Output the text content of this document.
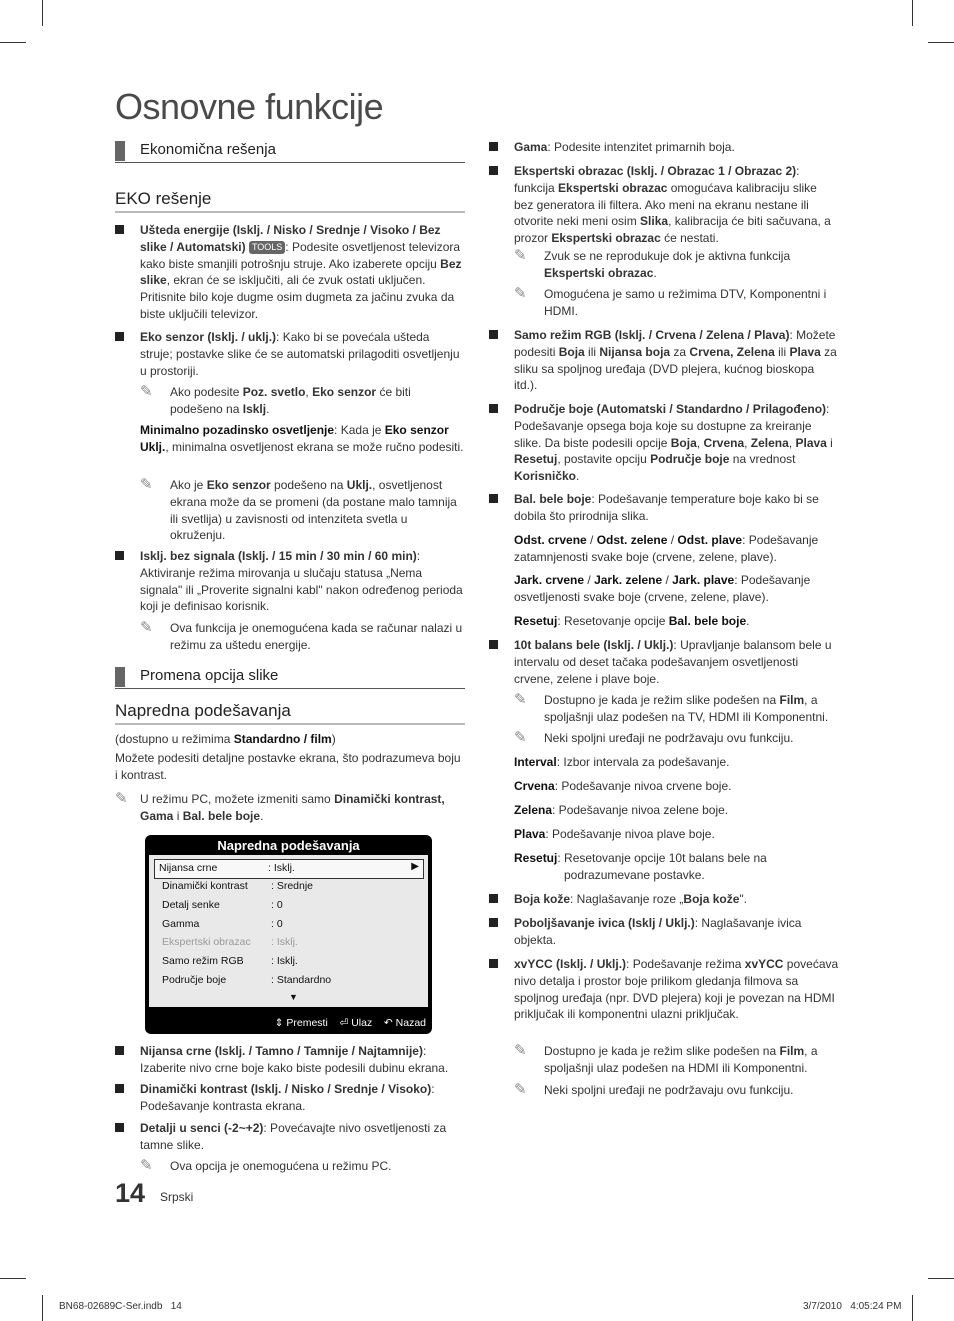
Osnovne funkcije
Ekonomična rešenja
EKO rešenje
Ušteda energije (Isklj. / Nisko / Srednje / Visoko / Bez slike / Automatski) TOOLS : Podesite osvetljenost televizora kako biste smanjili potrošnju struje. Ako izaberete opciju Bez slike, ekran će se isključiti, ali će zvuk ostati uključen. Pritisnite bilo koje dugme osim dugmeta za jačinu zvuka da biste uključili televizor.
Eko senzor (Isklj. / uklj.): Kako bi se povećala ušteda struje; postavke slike će se automatski prilagoditi osvetljenju u prostoriji.
✎ Ako podesite Poz. svetlo, Eko senzor će biti podešeno na Isklj.
Minimalno pozadinsko osvetljenje: Kada je Eko senzor Uklj., minimalna osvetljenost ekrana se može ručno podesiti.
✎ Ako je Eko senzor podešeno na Uklj., osvetljenost ekrana može da se promeni (da postane malo tamnija ili svetlija) u zavisnosti od intenziteta svetla u okruženju.
Isklj. bez signala (Isklj. / 15 min / 30 min / 60 min): Aktiviranje režima mirovanja u slučaju statusa „Nema signala" ili „Proverite signalni kabl" nakon određenog perioda koji je definisao korisnik.
✎ Ova funkcija je onemogućena kada se računar nalazi u režimu za uštedu energije.
Promena opcija slike
Napredna podešavanja
(dostupno u režimima Standardno / film)
Možete podesiti detaljne postavke ekrana, što podrazumeva boju i kontrast.
✎ U režimu PC, možete izmeniti samo Dinamički kontrast, Gama i Bal. bele boje.
Napredna podešavanja
Nijansa crne	: Isklj.	▶
Dinamički kontrast : Srednje
Detalj senke	: 0
Gamma	: 0
Ekspertski obrazac : Isklj.
Samo režim RGB	: Isklj.
Područje boje	: Standardno
▼
⇕ Premesti ⏎ Ulaz ↶ Nazad
Nijansa crne (Isklj. / Tamno / Tamnije / Najtamnije): Izaberite nivo crne boje kako biste podesili dubinu ekrana.
Dinamički kontrast (Isklj. / Nisko / Srednje / Visoko): Podešavanje kontrasta ekrana.
Detalji u senci (-2~+2): Povećavajte nivo osvetljenosti za tamne slike.
✎ Ova opcija je onemogućena u režimu PC.
14 Srpski
Gama: Podesite intenzitet primarnih boja.
Ekspertski obrazac (Isklj. / Obrazac 1 / Obrazac 2): funkcija Ekspertski obrazac omogućava kalibraciju slike bez generatora ili filtera. Ako meni na ekranu nestane ili otvorite neki meni osim Slika, kalibracija će biti sačuvana, a prozor Ekspertski obrazac će nestati.
✎ Zvuk se ne reprodukuje dok je aktivna funkcija Ekspertski obrazac.
✎ Omogućena je samo u režimima DTV, Komponentni i HDMI.
Samo režim RGB (Isklj. / Crvena / Zelena / Plava): Možete podesiti Boja ili Nijansa boja za Crvena, Zelena ili Plava za sliku sa spoljnog uređaja (DVD plejera, kućnog bioskopa itd.).
Područje boje (Automatski / Standardno / Prilagođeno): Podešavanje opsega boja koje su dostupne za kreiranje slike. Da biste podesili opcije Boja, Crvena, Zelena, Plava i Resetuj, postavite opciju Područje boje na vrednost Korisničko.
Bal. bele boje: Podešavanje temperature boje kako bi se dobila što prirodnija slika.
Odst. crvene / Odst. zelene / Odst. plave: Podešavanje zatamnjenosti svake boje (crvene, zelene, plave).
Jark. crvene / Jark. zelene / Jark. plave: Podešavanje osvetljenosti svake boje (crvene, zelene, plave).
Resetuj: Resetovanje opcije Bal. bele boje.
10t balans bele (Isklj. / Uklj.): Upravljanje balansom bele u intervalu od deset tačaka podešavanjem osvetljenosti crvene, zelene i plave boje.
✎ Dostupno je kada je režim slike podešen na Film, a spoljašnji ulaz podešen na TV, HDMI ili Komponentni.
✎ Neki spoljni uređaji ne podržavaju ovu funkciju.
Interval: Izbor intervala za podešavanje.
Crvena: Podešavanje nivoa crvene boje.
Zelena: Podešavanje nivoa zelene boje.
Plava: Podešavanje nivoa plave boje.
Resetuj: Resetovanje opcije 10t balans bele na
podrazumevane postavke.
Boja kože: Naglašavanje roze „Boja kože".
Poboljšavanje ivica (Isklj / Uklj.): Naglašavanje ivica objekta.
xvYCC (Isklj. / Uklj.): Podešavanje režima xvYCC povećava nivo detalja i prostor boje prilikom gledanja filmova sa spoljnog uređaja (npr. DVD plejera) koji je povezan na HDMI priključak ili komponentni ulazni priključak.
✎ Dostupno je kada je režim slike podešen na Film, a spoljašnji ulaz podešen na HDMI ili Komponentni.
✎ Neki spoljni uređaji ne podržavaju ovu funkciju.
BN68-02689C-Ser.indb   14	3/7/2010   4:05:24 PM
